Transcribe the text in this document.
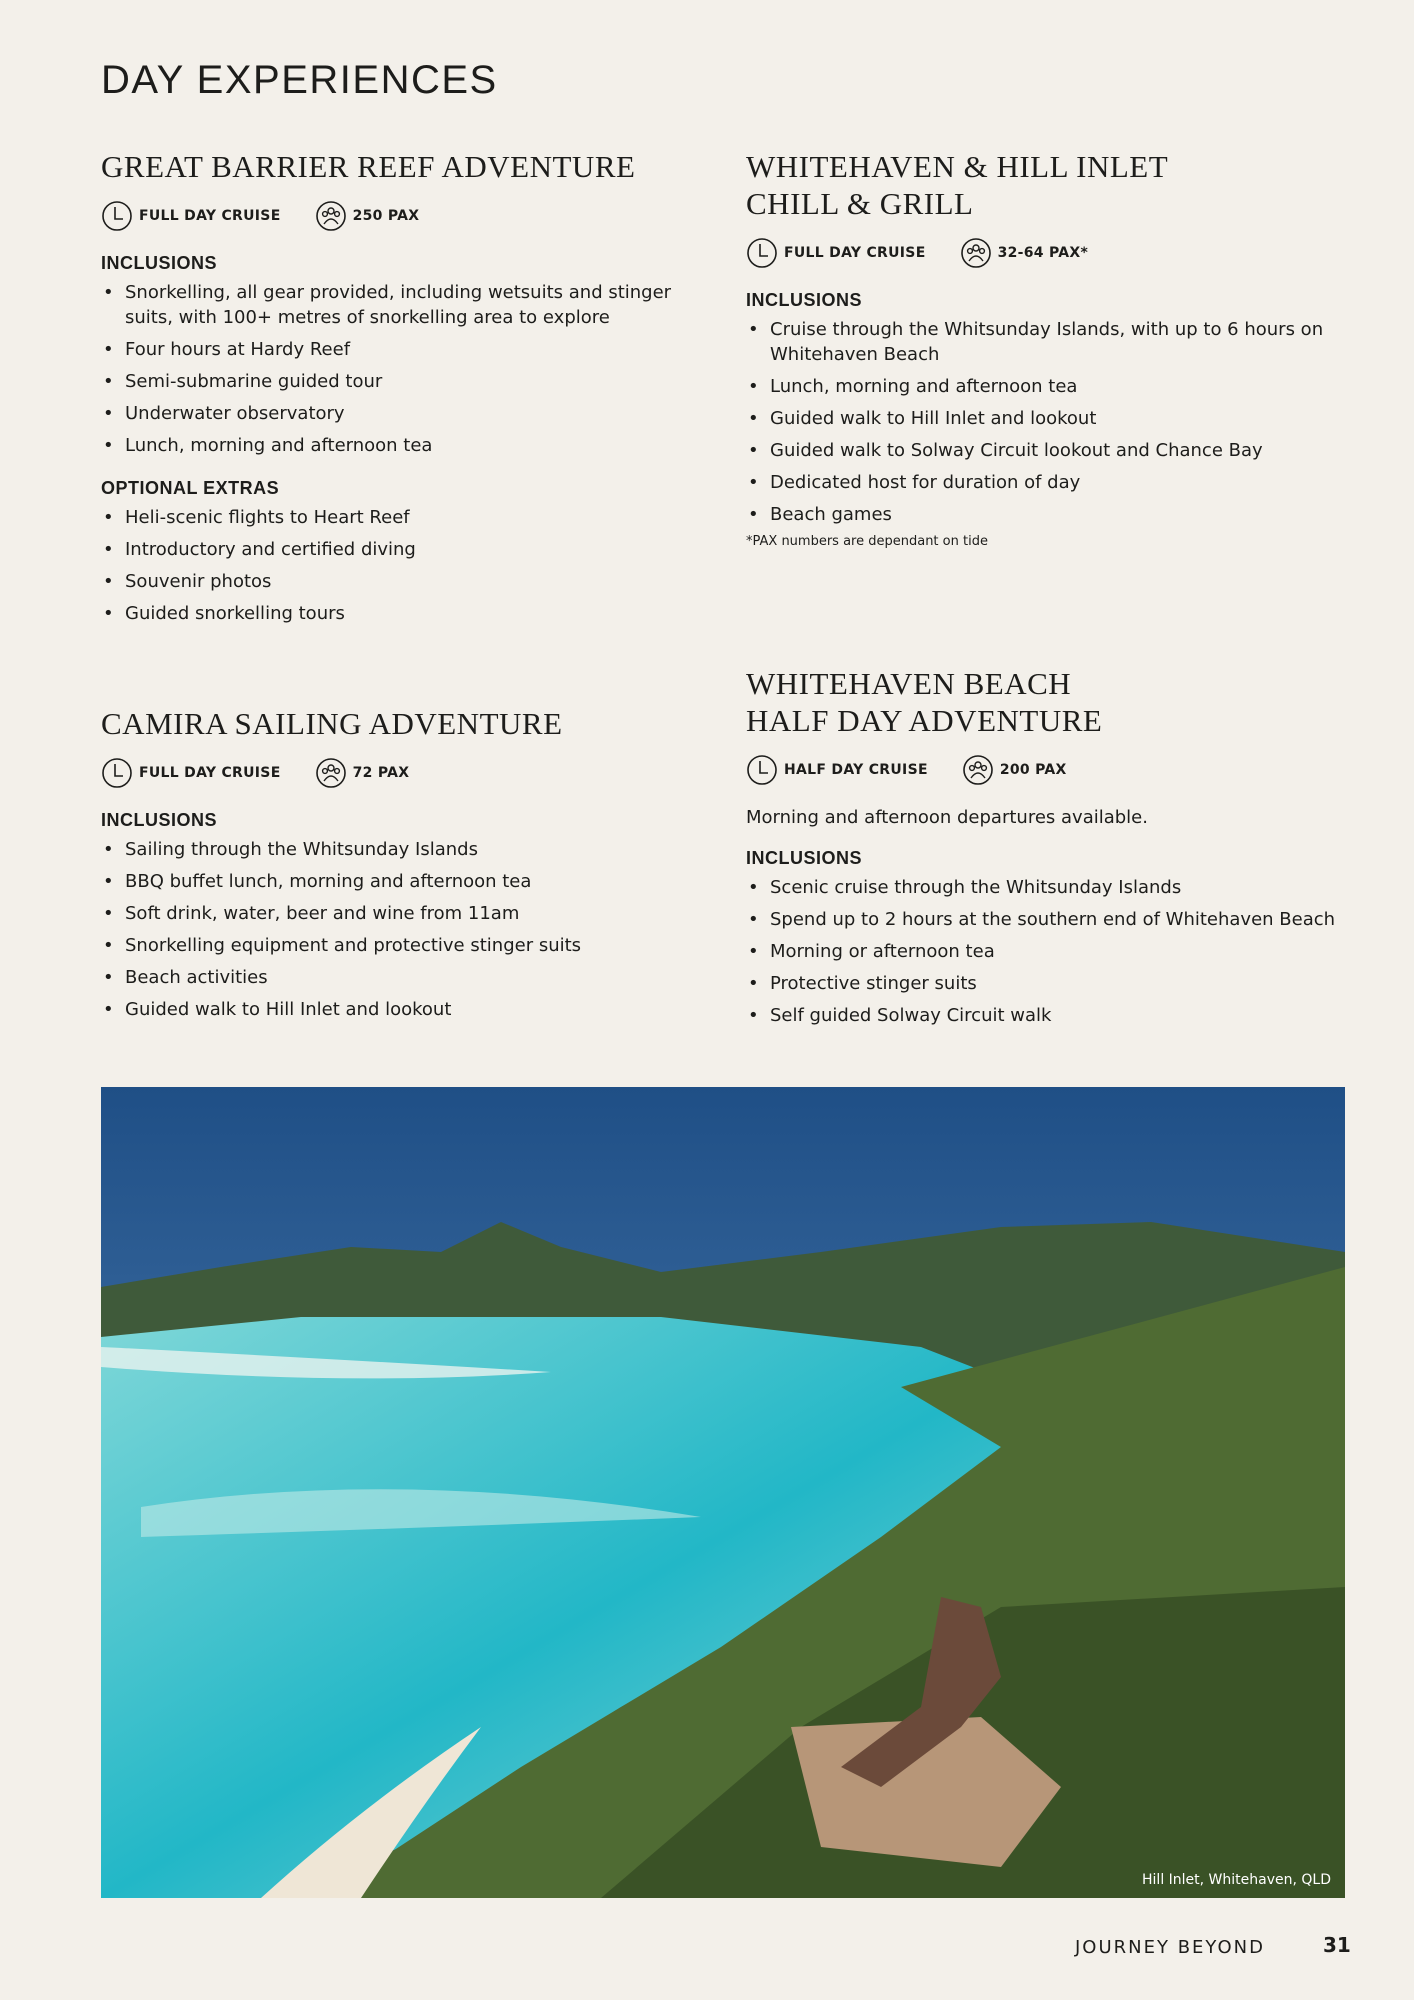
DAY EXPERIENCES
GREAT BARRIER REEF ADVENTURE
FULL DAY CRUISE	250 PAX
INCLUSIONS
• Snorkelling, all gear provided, including wetsuits and stinger suits, with 100+ metres of snorkelling area to explore
• Four hours at Hardy Reef
• Semi-submarine guided tour
• Underwater observatory
• Lunch, morning and afternoon tea
OPTIONAL EXTRAS
• Heli-scenic flights to Heart Reef
• Introductory and certified diving
• Souvenir photos
• Guided snorkelling tours
WHITEHAVEN & HILL INLET
CHILL & GRILL
FULL DAY CRUISE	32-64 PAX*
INCLUSIONS
• Cruise through the Whitsunday Islands, with up to 6 hours on Whitehaven Beach
• Lunch, morning and afternoon tea
• Guided walk to Hill Inlet and lookout
• Guided walk to Solway Circuit lookout and Chance Bay
• Dedicated host for duration of day
• Beach games
*PAX numbers are dependant on tide
CAMIRA SAILING ADVENTURE
FULL DAY CRUISE	72 PAX
INCLUSIONS
• Sailing through the Whitsunday Islands
• BBQ buffet lunch, morning and afternoon tea
• Soft drink, water, beer and wine from 11am
• Snorkelling equipment and protective stinger suits
• Beach activities
• Guided walk to Hill Inlet and lookout
WHITEHAVEN BEACH
HALF DAY ADVENTURE
HALF DAY CRUISE	200 PAX
Morning and afternoon departures available.
INCLUSIONS
• Scenic cruise through the Whitsunday Islands
• Spend up to 2 hours at the southern end of Whitehaven Beach
• Morning or afternoon tea
• Protective stinger suits
• Self guided Solway Circuit walk
Hill Inlet, Whitehaven, QLD
JOURNEY BEYOND	31
